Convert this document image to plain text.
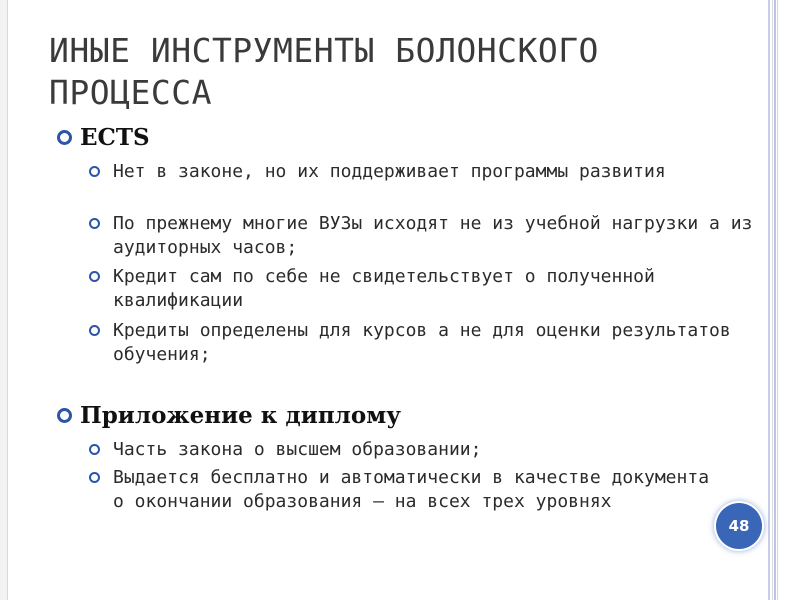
ИНЫЕ ИНСТРУМЕНТЫ БОЛОНСКОГО ПРОЦЕССА
ECTS
Нет в законе, но их поддерживает программы развития
По прежнему многие ВУЗы исходят не из учебной нагрузки а из аудиторных часов;
Кредит сам по себе не свидетельствует о полученной квалификации
Кредиты определены для курсов а не для оценки результатов обучения;
Приложение к диплому
Часть закона о высшем образовании;
Выдается бесплатно и автоматически в качестве документа о окончании образования – на всех трех уровнях
48
